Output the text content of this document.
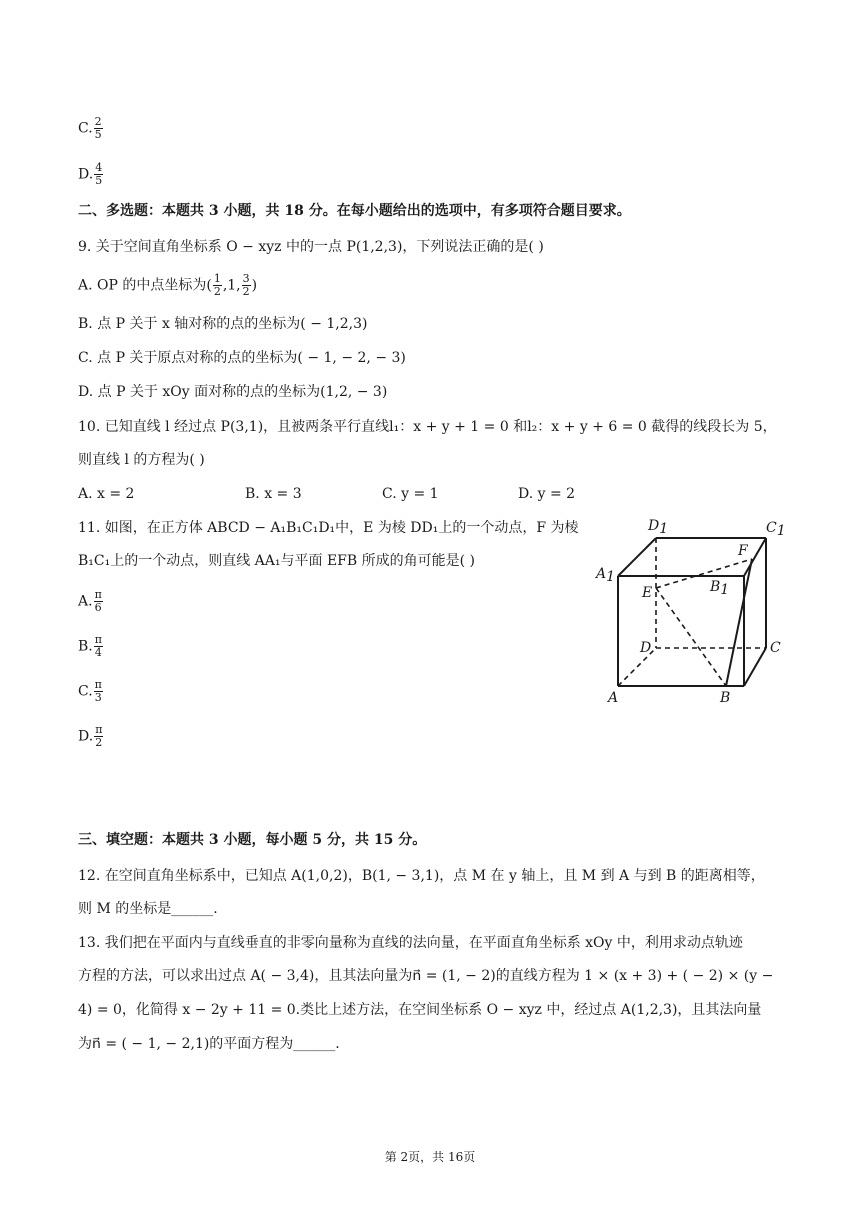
C. $\frac{2}{5}$
D. $\frac{4}{5}$
二、多选题：本题共 3 小题，共 18 分。在每小题给出的选项中，有多项符合题目要求。
9. 关于空间直角坐标系 O − xyz 中的一点 P(1,2,3)，下列说法正确的是( )
A. OP 的中点坐标为( $\frac{1}{2} ,1$, $\frac{3}{2}$ )
B. 点 P 关于 x 轴对称的点的坐标为( − 1,2,3)
C. 点 P 关于原点对称的点的坐标为( − 1, − 2, − 3)
D. 点 P 关于 xOy 面对称的点的坐标为(1,2, − 3)
10. 已知直线 l 经过点 P(3,1)，且被两条平行直线l₁：x + y + 1 = 0 和l₂：x + y + 6 = 0 截得的线段长为 5，
则直线 l 的方程为( )
A. x = 2	B. x = 3	C. y = 1	D. y = 2
11. 如图，在正方体 ABCD − A₁B₁C₁D₁中，E 为棱 DD₁上的一个动点，F 为棱
B₁C₁上的一个动点，则直线 AA₁与平面 EFB 所成的角可能是( )
A. $\frac{\pi}{6}$
B. $\frac{\pi}{4}$
C. $\frac{\pi}{3}$
D. $\frac{\pi}{2}$
D1	C1
A1
B1
E
F
D	C
A	B
三、填空题：本题共 3 小题，每小题 5 分，共 15 分。
12. 在空间直角坐标系中，已知点 A(1,0,2)，B(1, − 3,1)，点 M 在 y 轴上，且 M 到 A 与到 B 的距离相等，
则 M 的坐标是______.
13. 我们把在平面内与直线垂直的非零向量称为直线的法向量，在平面直角坐标系 xOy 中，利用求动点轨迹
方程的方法，可以求出过点 A( − 3,4)，且其法向量为n⃗ = (1, − 2)的直线方程为 1 × (x + 3) + ( − 2) × (y −
4) = 0，化简得 x − 2y + 11 = 0.类比上述方法，在空间坐标系 O − xyz 中，经过点 A(1,2,3)，且其法向量
为n⃗ = ( − 1, − 2,1)的平面方程为______.
第 2页，共 16页
